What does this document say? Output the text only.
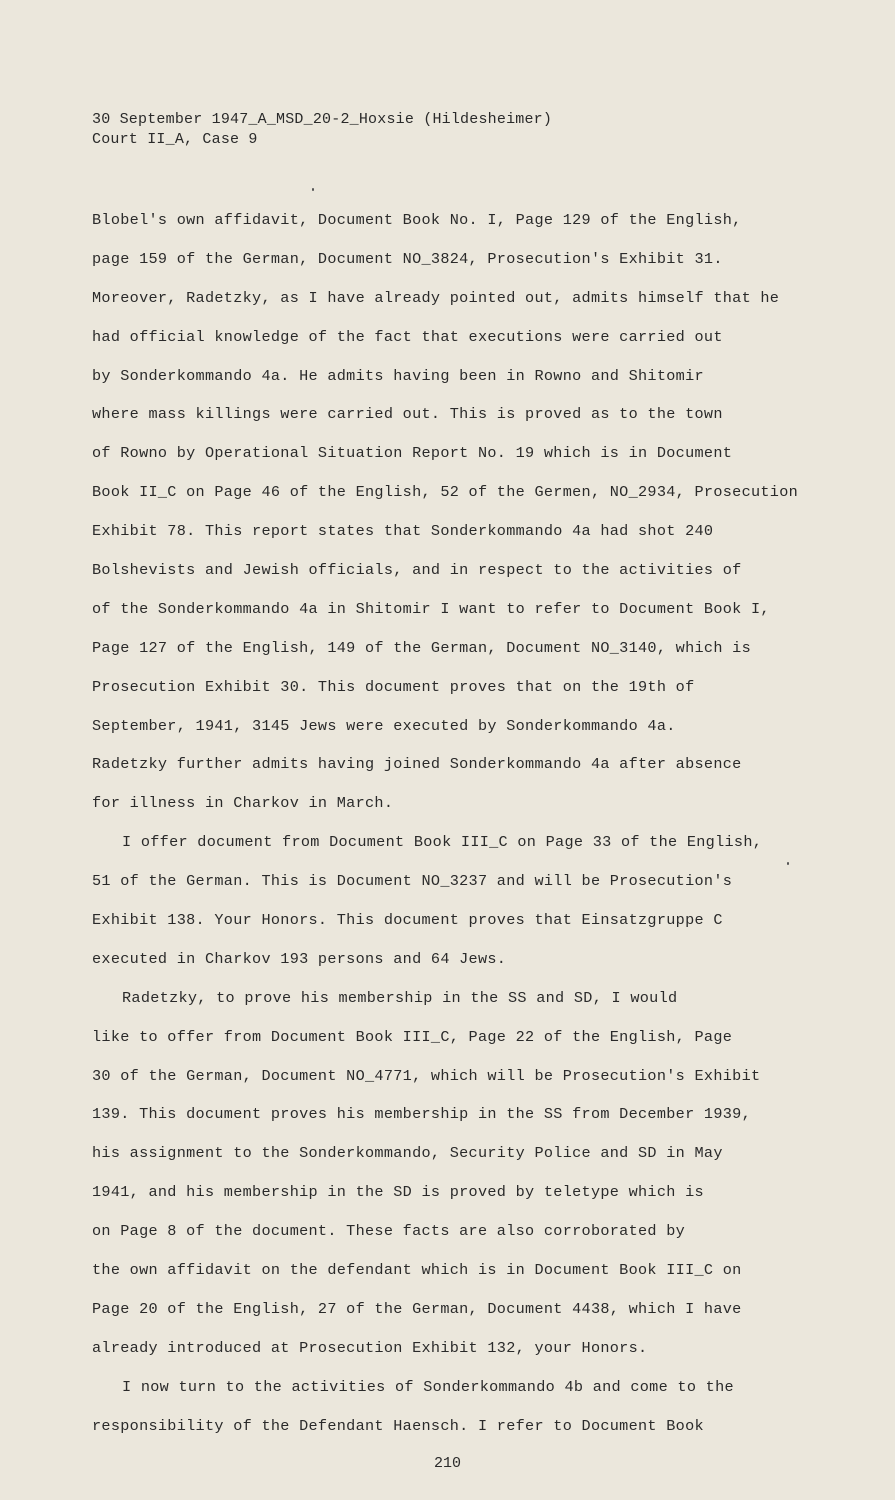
30 September 1947_A_MSD_20-2_Hoxsie (Hildesheimer)
Court II_A, Case 9
Blobel's own affidavit, Document Book No. I, Page 129 of the English,
page 159 of the German, Document NO_3824, Prosecution's Exhibit 31.
Moreover, Radetzky, as I have already pointed out, admits himself that he
had official knowledge of the fact that executions were carried out
by Sonderkommando 4a. He admits having been in Rowno and Shitomir
where mass killings were carried out. This is proved as to the town
of Rowno by Operational Situation Report No. 19 which is in Document
Book II_C on Page 46 of the English, 52 of the Germen, NO_2934, Prosecution
Exhibit 78. This report states that Sonderkommando 4a had shot 240
Bolshevists and Jewish officials, and in respect to the activities of
of the Sonderkommando 4a in Shitomir I want to refer to Document Book I,
Page 127 of the English, 149 of the German, Document NO_3140, which is
Prosecution Exhibit 30. This document proves that on the 19th of
September, 1941, 3145 Jews were executed by Sonderkommando 4a.
Radetzky further admits having joined Sonderkommando 4a after absence
for illness in Charkov in March.
I offer document from Document Book III_C on Page 33 of the English,
51 of the German. This is Document NO_3237 and will be Prosecution's
Exhibit 138. Your Honors. This document proves that Einsatzgruppe C
executed in Charkov 193 persons and 64 Jews.
Radetzky, to prove his membership in the SS and SD, I would
like to offer from Document Book III_C, Page 22 of the English, Page
30 of the German, Document NO_4771, which will be Prosecution's Exhibit
139. This document proves his membership in the SS from December 1939,
his assignment to the Sonderkommando, Security Police and SD in May
1941, and his membership in the SD is proved by teletype which is
on Page 8 of the document. These facts are also corroborated by
the own affidavit on the defendant which is in Document Book III_C on
Page 20 of the English, 27 of the German, Document 4438, which I have
already introduced at Prosecution Exhibit 132, your Honors.
I now turn to the activities of Sonderkommando 4b and come to the
responsibility of the Defendant Haensch. I refer to Document Book
210
